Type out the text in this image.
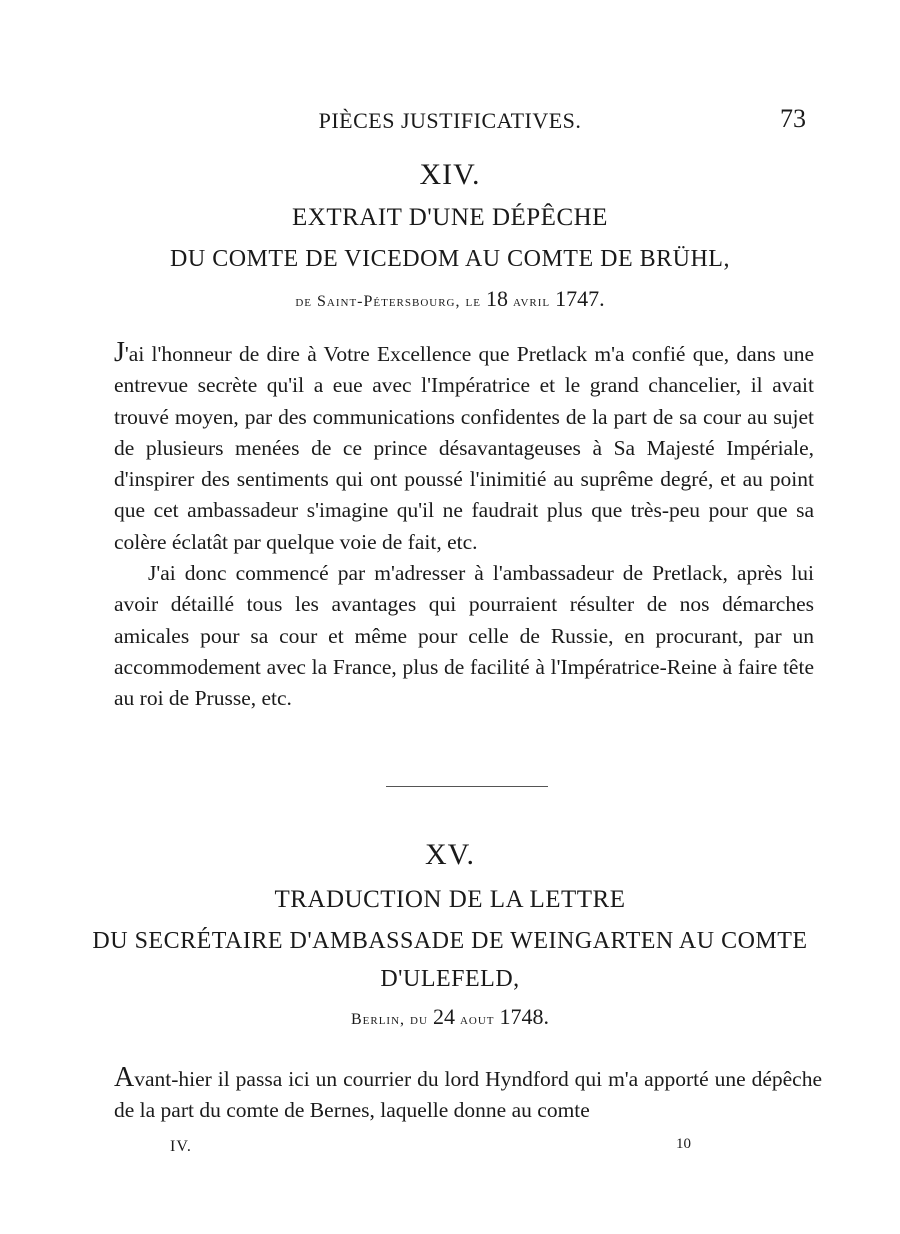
PIÈCES JUSTIFICATIVES.	73
XIV.
EXTRAIT D'UNE DÉPÊCHE
DU COMTE DE VICEDOM AU COMTE DE BRÜHL,
de Saint-Pétersbourg, le 18 avril 1747.

J'ai l'honneur de dire à Votre Excellence que Pretlack m'a confié que, dans une entrevue secrète qu'il a eue avec l'Impératrice et le grand chancelier, il avait trouvé moyen, par des communications confidentes de la part de sa cour au sujet de plusieurs menées de ce prince désavantageuses à Sa Majesté Impériale, d'inspirer des sentiments qui ont poussé l'inimitié au suprême degré, et au point que cet ambassadeur s'imagine qu'il ne faudrait plus que très-peu pour que sa colère éclatât par quelque voie de fait, etc.

J'ai donc commencé par m'adresser à l'ambassadeur de Pretlack, après lui avoir détaillé tous les avantages qui pourraient résulter de nos démarches amicales pour sa cour et même pour celle de Russie, en procurant, par un accommodement avec la France, plus de facilité à l'Impératrice-Reine à faire tête au roi de Prusse, etc.

XV.
TRADUCTION DE LA LETTRE
DU SECRÉTAIRE D'AMBASSADE DE WEINGARTEN AU COMTE
D'ULEFELD,
Berlin, du 24 aout 1748.

Avant-hier il passa ici un courrier du lord Hyndford qui m'a apporté une dépêche de la part du comte de Bernes, laquelle donne au comte

IV.	10
